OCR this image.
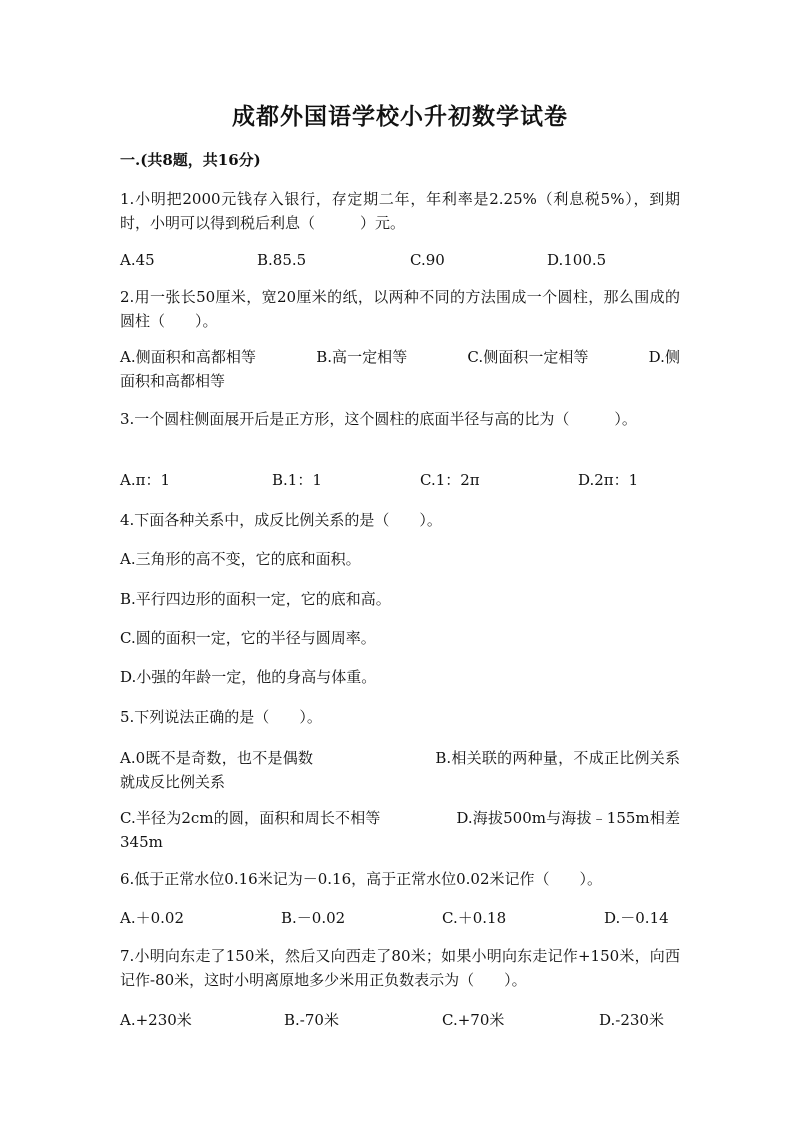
成都外国语学校小升初数学试卷
一.(共8题，共16分)
1.小明把2000元钱存入银行，存定期二年，年利率是2.25%（利息税5%），到期时，小明可以得到税后利息（　　　）元。
A.45	B.85.5	C.90	D.100.5
2.用一张长50厘米，宽20厘米的纸，以两种不同的方法围成一个圆柱，那么围成的圆柱（　　）。
A.侧面积和高都相等　　　　B.高一定相等　　　　C.侧面积一定相等　　　　D.侧面积和高都相等
3.一个圆柱侧面展开后是正方形，这个圆柱的底面半径与高的比为（　　　）。
A.π：1	B.1：1	C.1：2π	D.2π：1
4.下面各种关系中，成反比例关系的是（　　）。
A.三角形的高不变，它的底和面积。
B.平行四边形的面积一定，它的底和高。
C.圆的面积一定，它的半径与圆周率。
D.小强的年龄一定，他的身高与体重。
5.下列说法正确的是（　　）。
A.0既不是奇数，也不是偶数　　　　　　　　B.相关联的两种量，不成正比例关系就成反比例关系
C.半径为2cm的圆，面积和周长不相等　　　　　D.海拔500m与海拔﹣155m相差345m
6.低于正常水位0.16米记为－0.16，高于正常水位0.02米记作（　　）。
A.＋0.02	B.－0.02	C.＋0.18	D.－0.14
7.小明向东走了150米，然后又向西走了80米；如果小明向东走记作+150米，向西记作-80米，这时小明离原地多少米用正负数表示为（　　）。
A.+230米	B.-70米	C.+70米	D.-230米
